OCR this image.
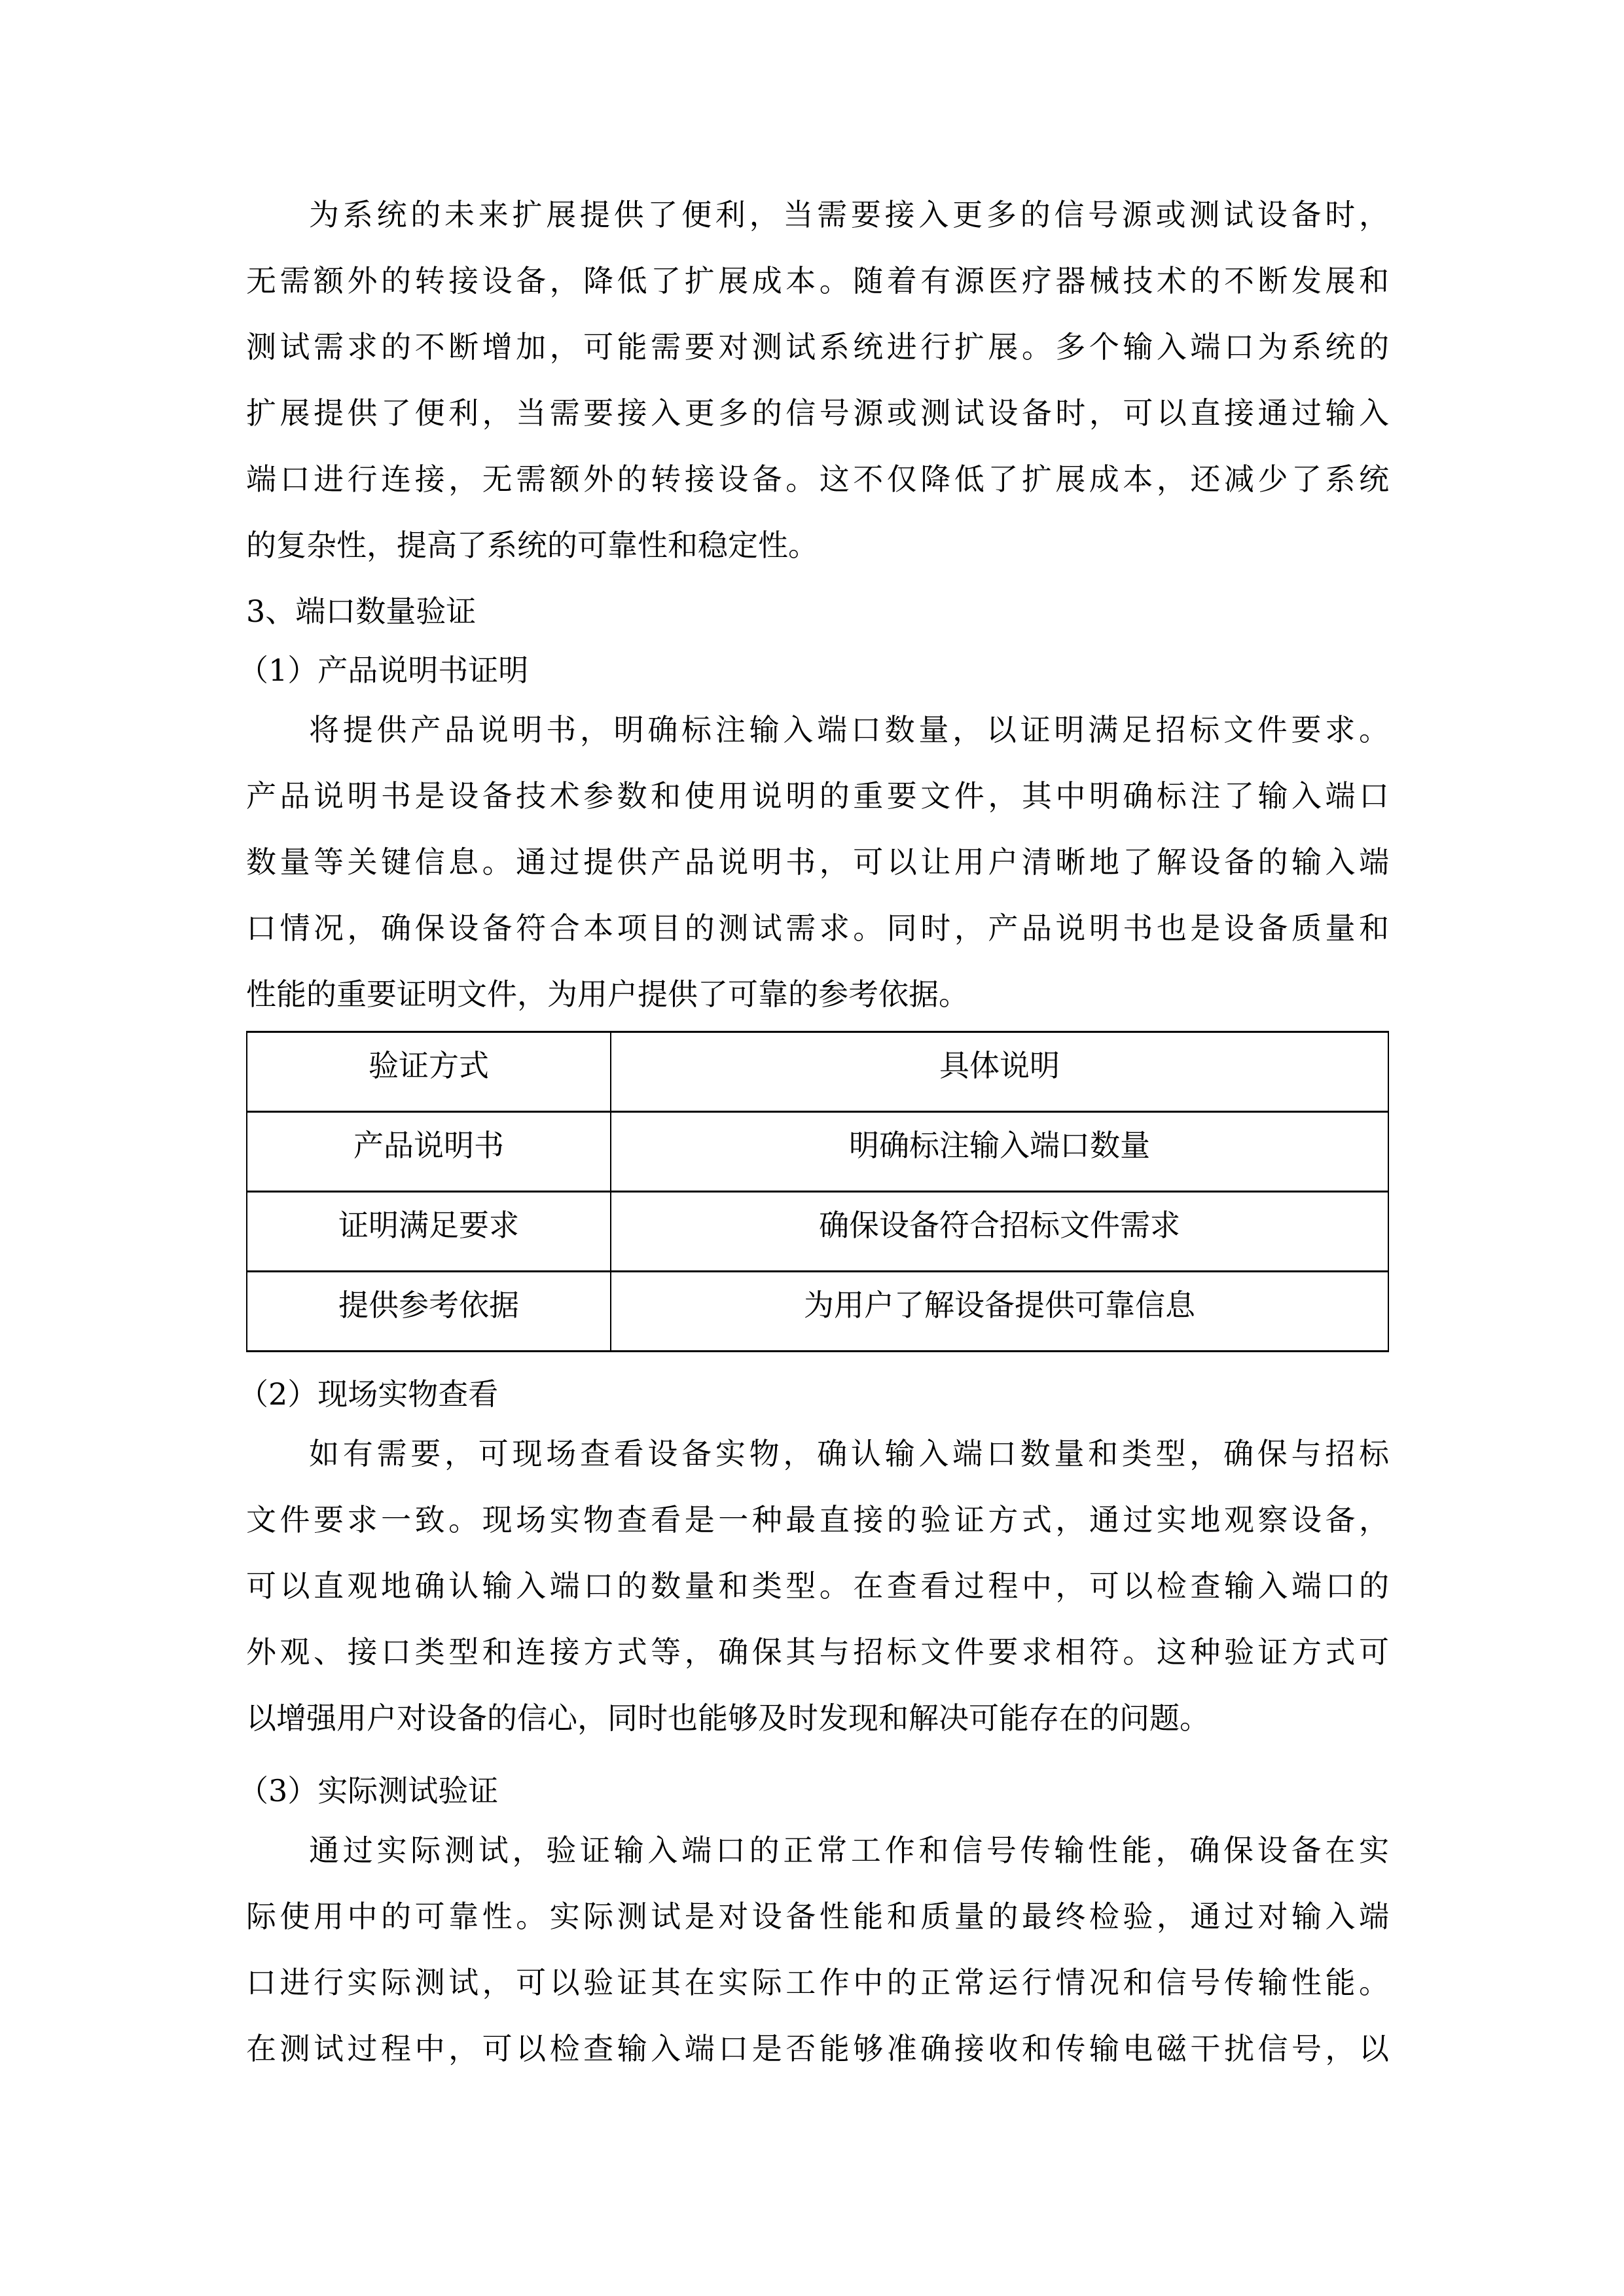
为系统的未来扩展提供了便利，当需要接入更多的信号源或测试设备时，
无需额外的转接设备，降低了扩展成本。随着有源医疗器械技术的不断发展和
测试需求的不断增加，可能需要对测试系统进行扩展。多个输入端口为系统的
扩展提供了便利，当需要接入更多的信号源或测试设备时，可以直接通过输入
端口进行连接，无需额外的转接设备。这不仅降低了扩展成本，还减少了系统
的复杂性，提高了系统的可靠性和稳定性。
3、端口数量验证
（1）产品说明书证明
将提供产品说明书，明确标注输入端口数量，以证明满足招标文件要求。
产品说明书是设备技术参数和使用说明的重要文件，其中明确标注了输入端口
数量等关键信息。通过提供产品说明书，可以让用户清晰地了解设备的输入端
口情况，确保设备符合本项目的测试需求。同时，产品说明书也是设备质量和
性能的重要证明文件，为用户提供了可靠的参考依据。
验证方式	具体说明
产品说明书	明确标注输入端口数量
证明满足要求	确保设备符合招标文件需求
提供参考依据	为用户了解设备提供可靠信息
（2）现场实物查看
如有需要，可现场查看设备实物，确认输入端口数量和类型，确保与招标
文件要求一致。现场实物查看是一种最直接的验证方式，通过实地观察设备，
可以直观地确认输入端口的数量和类型。在查看过程中，可以检查输入端口的
外观、接口类型和连接方式等，确保其与招标文件要求相符。这种验证方式可
以增强用户对设备的信心，同时也能够及时发现和解决可能存在的问题。
（3）实际测试验证
通过实际测试，验证输入端口的正常工作和信号传输性能，确保设备在实
际使用中的可靠性。实际测试是对设备性能和质量的最终检验，通过对输入端
口进行实际测试，可以验证其在实际工作中的正常运行情况和信号传输性能。
在测试过程中，可以检查输入端口是否能够准确接收和传输电磁干扰信号，以
